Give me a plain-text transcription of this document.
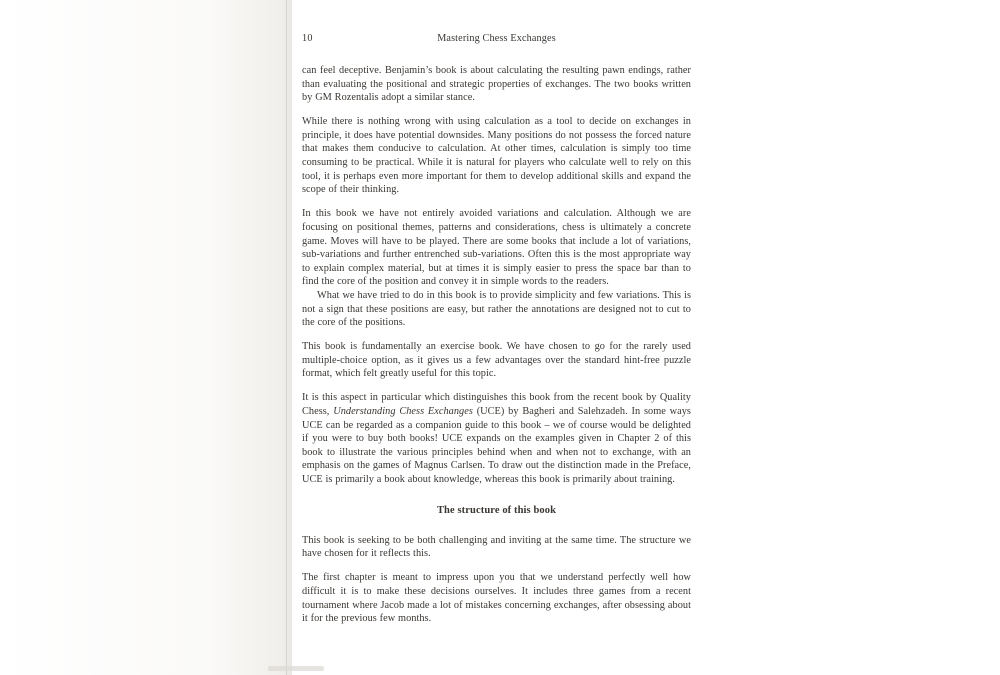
10	Mastering Chess Exchanges

can feel deceptive. Benjamin’s book is about calculating the resulting pawn endings, rather than evaluating the positional and strategic properties of exchanges. The two books written by GM Rozentalis adopt a similar stance.

While there is nothing wrong with using calculation as a tool to decide on exchanges in principle, it does have potential downsides. Many positions do not possess the forced nature that makes them conducive to calculation. At other times, calculation is simply too time consuming to be practical. While it is natural for players who calculate well to rely on this tool, it is perhaps even more important for them to develop additional skills and expand the scope of their thinking.

In this book we have not entirely avoided variations and calculation. Although we are focusing on positional themes, patterns and considerations, chess is ultimately a concrete game. Moves will have to be played. There are some books that include a lot of variations, sub-variations and further entrenched sub-variations. Often this is the most appropriate way to explain complex material, but at times it is simply easier to press the space bar than to find the core of the position and convey it in simple words to the readers.

What we have tried to do in this book is to provide simplicity and few variations. This is not a sign that these positions are easy, but rather the annotations are designed not to cut to the core of the positions.

This book is fundamentally an exercise book. We have chosen to go for the rarely used multiple-choice option, as it gives us a few advantages over the standard hint-free puzzle format, which felt greatly useful for this topic.

It is this aspect in particular which distinguishes this book from the recent book by Quality Chess, Understanding Chess Exchanges (UCE) by Bagheri and Salehzadeh. In some ways UCE can be regarded as a companion guide to this book – we of course would be delighted if you were to buy both books! UCE expands on the examples given in Chapter 2 of this book to illustrate the various principles behind when and when not to exchange, with an emphasis on the games of Magnus Carlsen. To draw out the distinction made in the Preface, UCE is primarily a book about knowledge, whereas this book is primarily about training.

The structure of this book

This book is seeking to be both challenging and inviting at the same time. The structure we have chosen for it reflects this.

The first chapter is meant to impress upon you that we understand perfectly well how difficult it is to make these decisions ourselves. It includes three games from a recent tournament where Jacob made a lot of mistakes concerning exchanges, after obsessing about it for the previous few months.
